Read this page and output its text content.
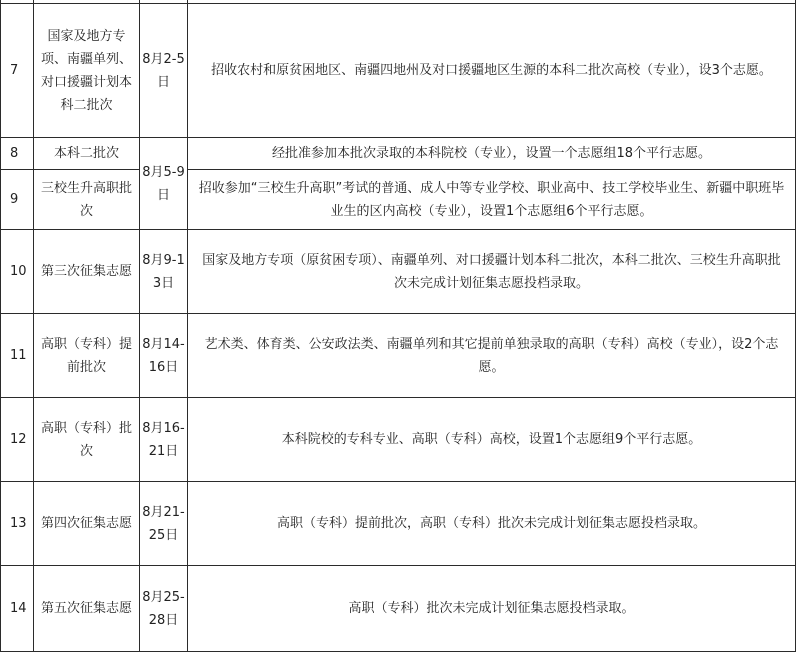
7	国家及地方专项、南疆单列、对口援疆计划本科二批次	8月2-5日	招收农村和原贫困地区、南疆四地州及对口援疆地区生源的本科二批次高校（专业），设3个志愿。
8	本科二批次	8月5-9日	经批准参加本批次录取的本科院校（专业），设置一个志愿组18个平行志愿。
9	三校生升高职批次		招收参加“三校生升高职”考试的普通、成人中等专业学校、职业高中、技工学校毕业生、新疆中职班毕业生的区内高校（专业），设置1个志愿组6个平行志愿。
10	第三次征集志愿	8月9-13日	国家及地方专项（原贫困专项）、南疆单列、对口援疆计划本科二批次，本科二批次、三校生升高职批次未完成计划征集志愿投档录取。
11	高职（专科）提前批次	8月14-16日	艺术类、体育类、公安政法类、南疆单列和其它提前单独录取的高职（专科）高校（专业），设2个志愿。
12	高职（专科）批次	8月16-21日	本科院校的专科专业、高职（专科）高校，设置1个志愿组9个平行志愿。
13	第四次征集志愿	8月21-25日	高职（专科）提前批次，高职（专科）批次未完成计划征集志愿投档录取。
14	第五次征集志愿	8月25-28日	高职（专科）批次未完成计划征集志愿投档录取。
